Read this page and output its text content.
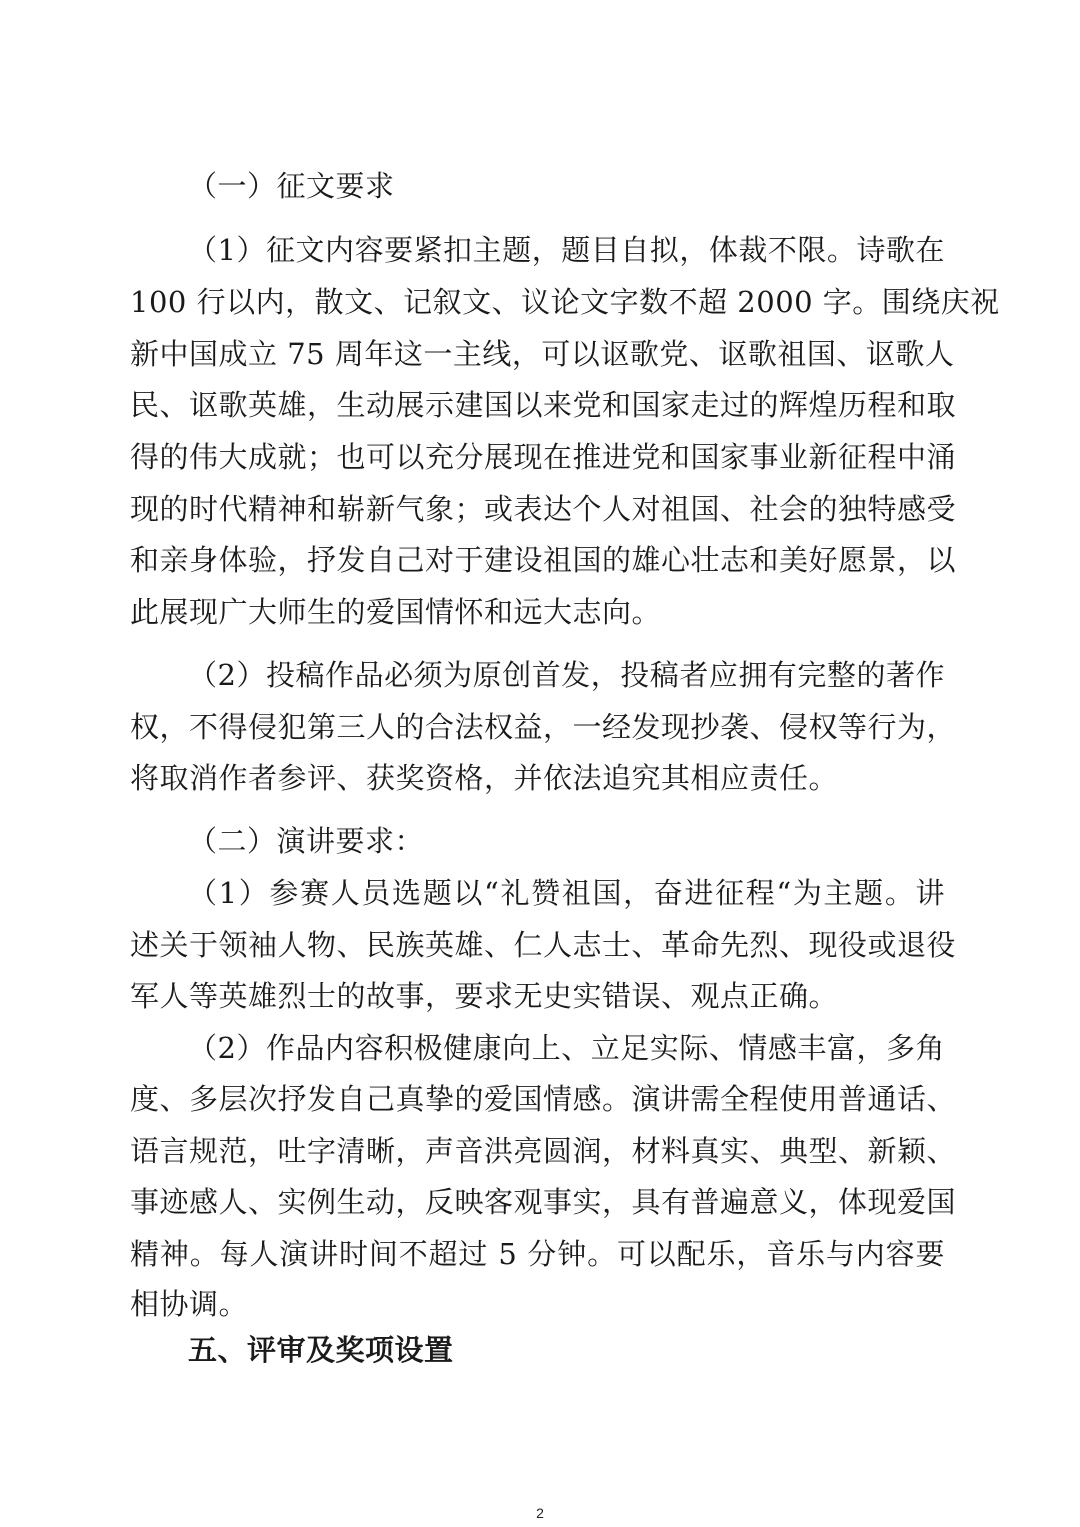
（一）征文要求
（1）征文内容要紧扣主题，题目自拟，体裁不限。诗歌在
100 行以内，散文、记叙文、议论文字数不超 2000 字。围绕庆祝
新中国成立 75 周年这一主线，可以讴歌党、讴歌祖国、讴歌人
民、讴歌英雄，生动展示建国以来党和国家走过的辉煌历程和取
得的伟大成就；也可以充分展现在推进党和国家事业新征程中涌
现的时代精神和崭新气象；或表达个人对祖国、社会的独特感受
和亲身体验，抒发自己对于建设祖国的雄心壮志和美好愿景，以
此展现广大师生的爱国情怀和远大志向。
（2）投稿作品必须为原创首发，投稿者应拥有完整的著作
权，不得侵犯第三人的合法权益，一经发现抄袭、侵权等行为，
将取消作者参评、获奖资格，并依法追究其相应责任。
（二）演讲要求：
（1）参赛人员选题以“礼赞祖国，奋进征程“为主题。讲
述关于领袖人物、民族英雄、仁人志士、革命先烈、现役或退役
军人等英雄烈士的故事，要求无史实错误、观点正确。
（2）作品内容积极健康向上、立足实际、情感丰富，多角
度、多层次抒发自己真挚的爱国情感。演讲需全程使用普通话、
语言规范，吐字清晰，声音洪亮圆润，材料真实、典型、新颖、
事迹感人、实例生动，反映客观事实，具有普遍意义，体现爱国
精神。每人演讲时间不超过 5 分钟。可以配乐，音乐与内容要
相协调。
五、评审及奖项设置
2
